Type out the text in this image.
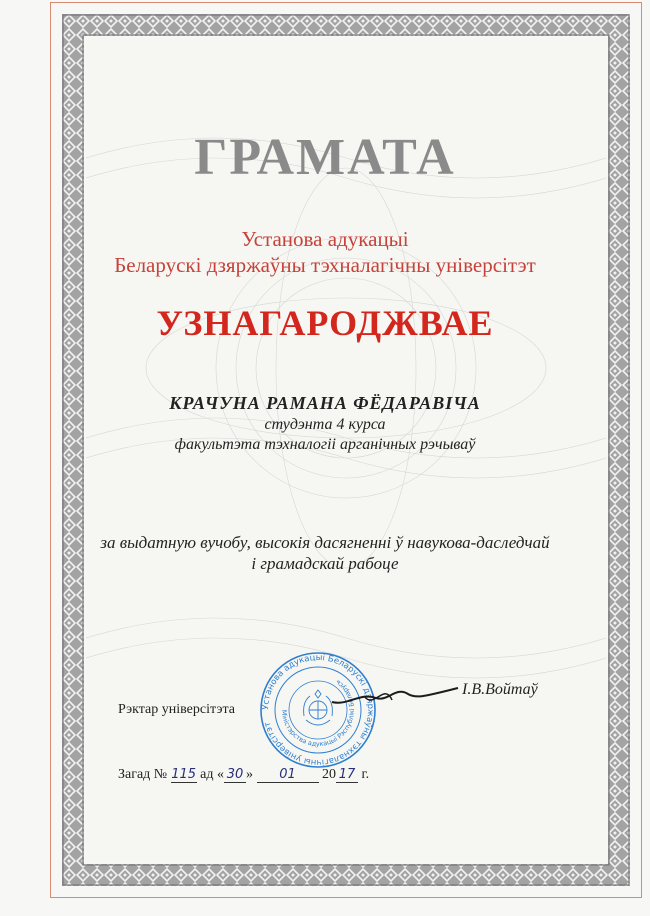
ГРАМАТА
Установа адукацыі
Беларускі дзяржаўны тэхналагічны універсітэт
УЗНАГАРОДЖВАЕ
КРАЧУНА РАМАНА ФЁДАРАВІЧА
студэнта 4 курса
факультэта тэхналогіі арганічных рэчываў
за выдатную вучобу, высокія дасягненні ў навукова-даследчай
і грамадскай рабоце
Установа адукацыі Беларускі дзяржаўны тэхналагічны універсітэт
Міністэрства адукацыі Рэспублікі Беларусь
Рэктар універсітэта
І.В.Войтаў
Загад № 115 ад « 30 » 01 20 17 г.
